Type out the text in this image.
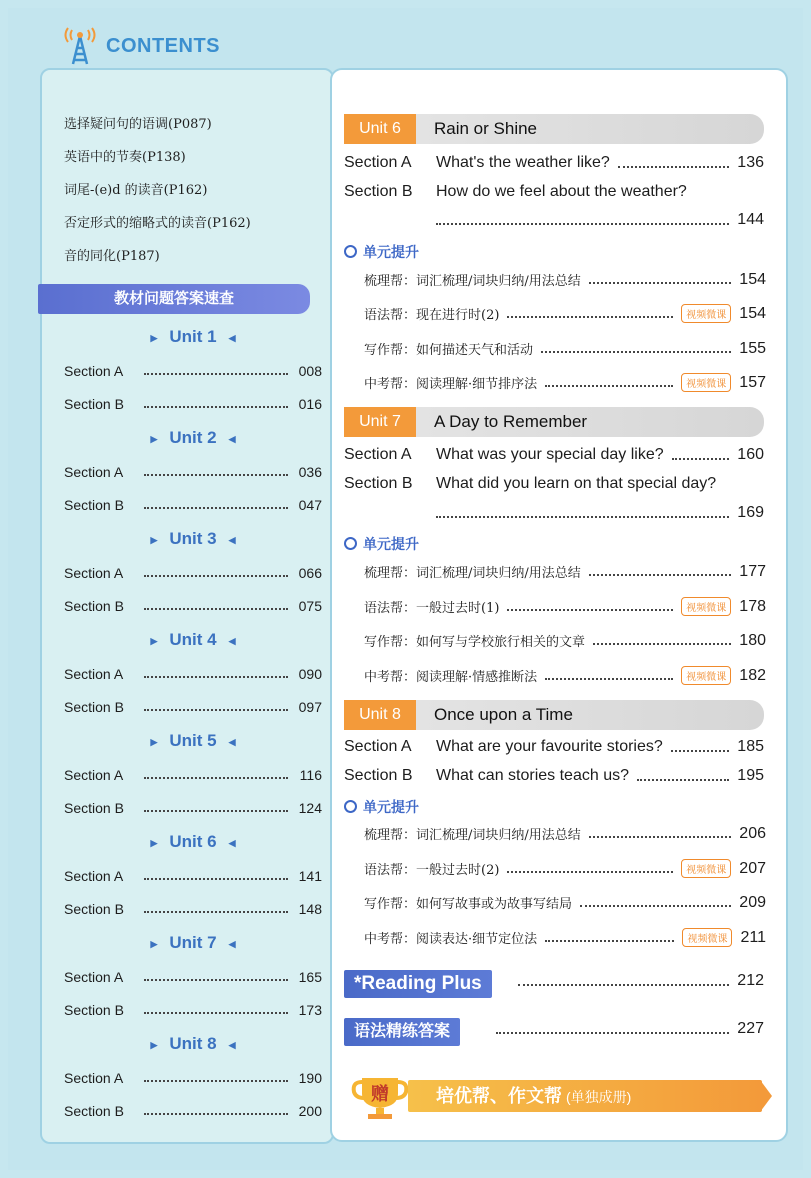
CONTENTS
选择疑问句的语调(P087)
英语中的节奏(P138)
词尾-(e)d 的读音(P162)
否定形式的缩略式的读音(P162)
音的同化(P187)
教材问题答案速查
▶ Unit 1 ◀
Section A	008
Section B	016
▶ Unit 2 ◀
Section A	036
Section B	047
▶ Unit 3 ◀
Section A	066
Section B	075
▶ Unit 4 ◀
Section A	090
Section B	097
▶ Unit 5 ◀
Section A	116
Section B	124
▶ Unit 6 ◀
Section A	141
Section B	148
▶ Unit 7 ◀
Section A	165
Section B	173
▶ Unit 8 ◀
Section A	190
Section B	200
Unit 6	Rain or Shine
Section A	What's the weather like?	136
Section B	How do we feel about the weather?
144
单元提升
梳理帮：词汇梳理/词块归纳/用法总结	154
语法帮：现在进行时(2)	视频微课 154
写作帮：如何描述天气和活动	155
中考帮：阅读理解·细节排序法	视频微课 157
Unit 7	A Day to Remember
Section A	What was your special day like?	160
Section B	What did you learn on that special day?
169
单元提升
梳理帮：词汇梳理/词块归纳/用法总结	177
语法帮：一般过去时(1)	视频微课 178
写作帮：如何写与学校旅行相关的文章	180
中考帮：阅读理解·情感推断法	视频微课 182
Unit 8	Once upon a Time
Section A	What are your favourite stories?	185
Section B	What can stories teach us?	195
单元提升
梳理帮：词汇梳理/词块归纳/用法总结	206
语法帮：一般过去时(2)	视频微课 207
写作帮：如何写故事或为故事写结局	209
中考帮：阅读表达·细节定位法	视频微课 211
*Reading Plus	212
语法精练答案	227
赠	培优帮、作文帮 (单独成册)
